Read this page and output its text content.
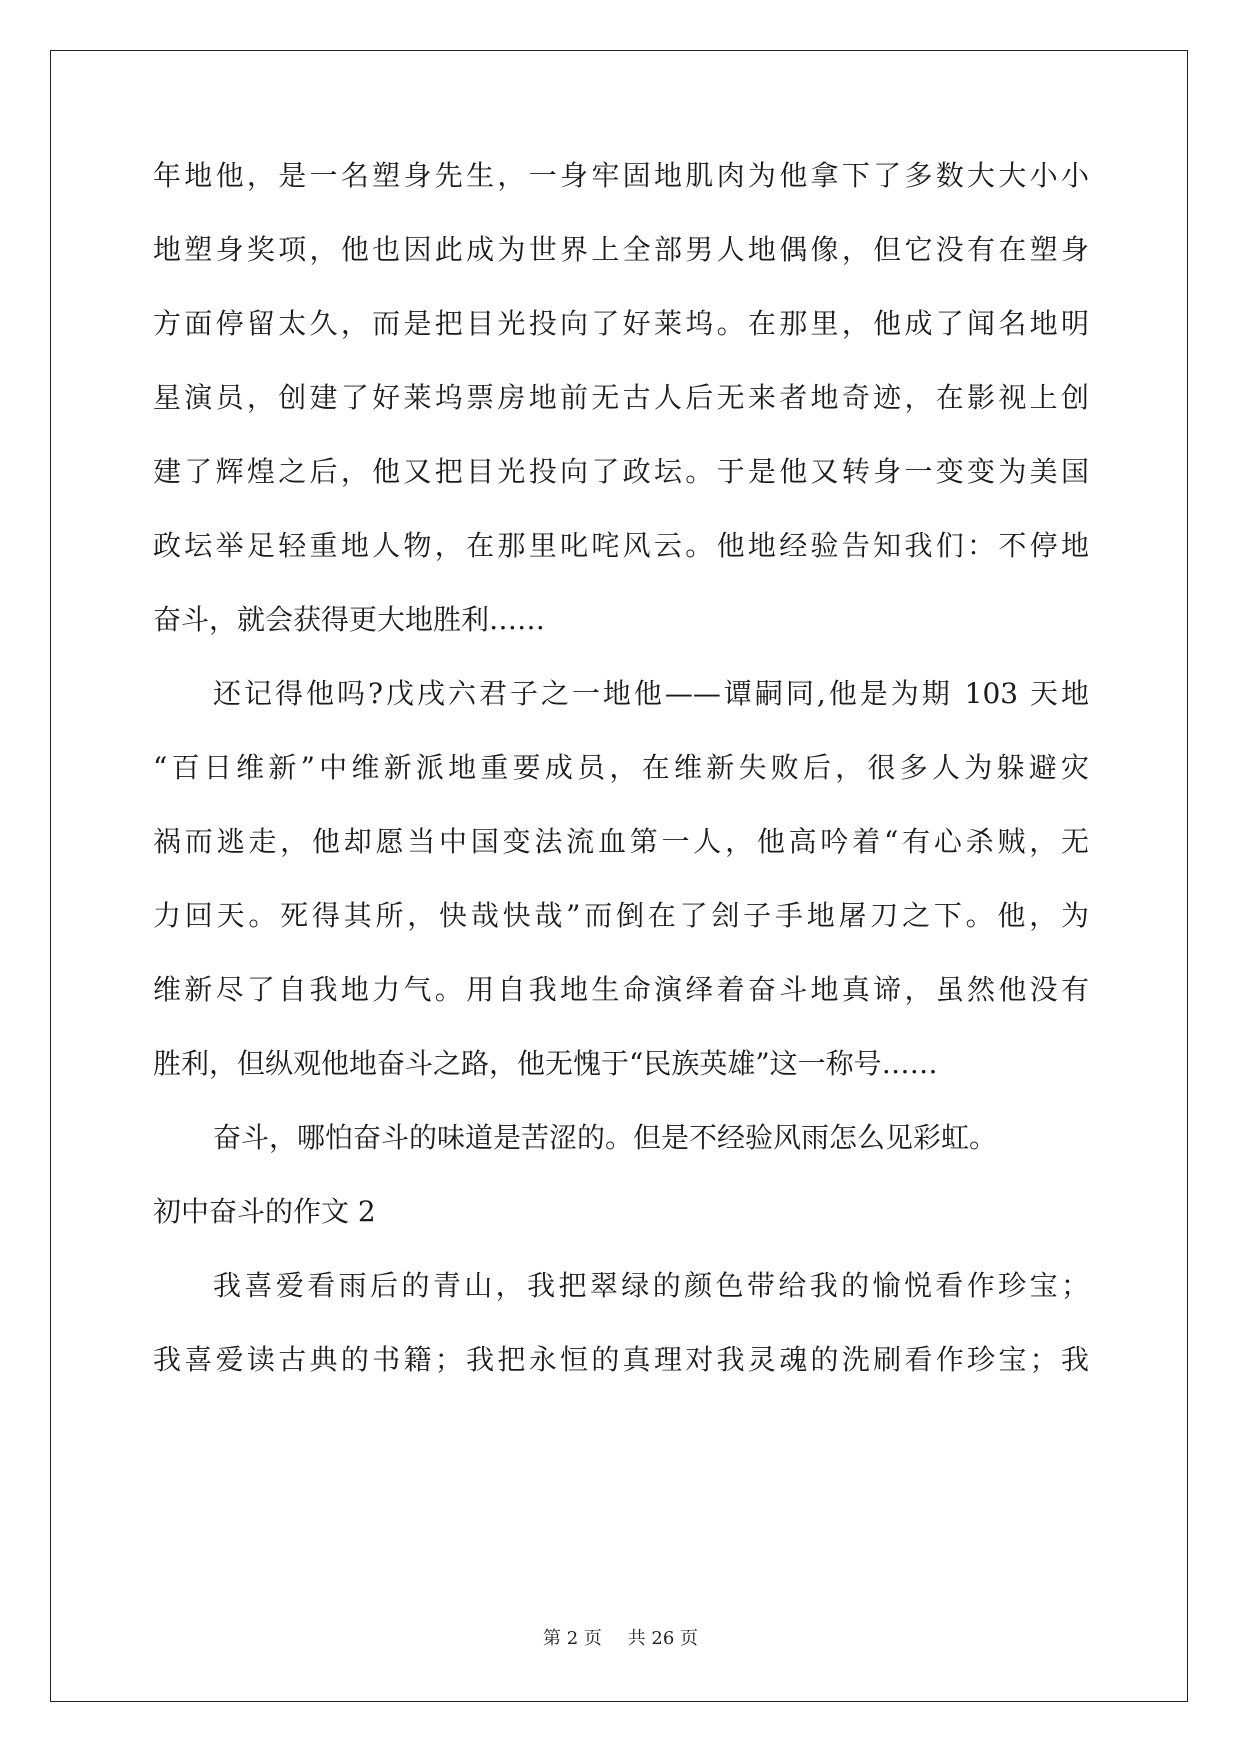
年地他，是一名塑身先生，一身牢固地肌肉为他拿下了多数大大小小
地塑身奖项，他也因此成为世界上全部男人地偶像，但它没有在塑身
方面停留太久，而是把目光投向了好莱坞。在那里，他成了闻名地明
星演员，创建了好莱坞票房地前无古人后无来者地奇迹，在影视上创
建了辉煌之后，他又把目光投向了政坛。于是他又转身一变变为美国
政坛举足轻重地人物，在那里叱咤风云。他地经验告知我们：不停地
奋斗，就会获得更大地胜利……
还记得他吗?戊戌六君子之一地他——谭嗣同,他是为期 103 天地
“百日维新”中维新派地重要成员，在维新失败后，很多人为躲避灾
祸而逃走，他却愿当中国变法流血第一人，他高吟着“有心杀贼，无
力回天。死得其所，快哉快哉”而倒在了刽子手地屠刀之下。他，为
维新尽了自我地力气。用自我地生命演绎着奋斗地真谛，虽然他没有
胜利，但纵观他地奋斗之路，他无愧于“民族英雄”这一称号……
奋斗，哪怕奋斗的味道是苦涩的。但是不经验风雨怎么见彩虹。
初中奋斗的作文 2
我喜爱看雨后的青山，我把翠绿的颜色带给我的愉悦看作珍宝；
我喜爱读古典的书籍；我把永恒的真理对我灵魂的洗刷看作珍宝；我
第 2 页 共 26 页
